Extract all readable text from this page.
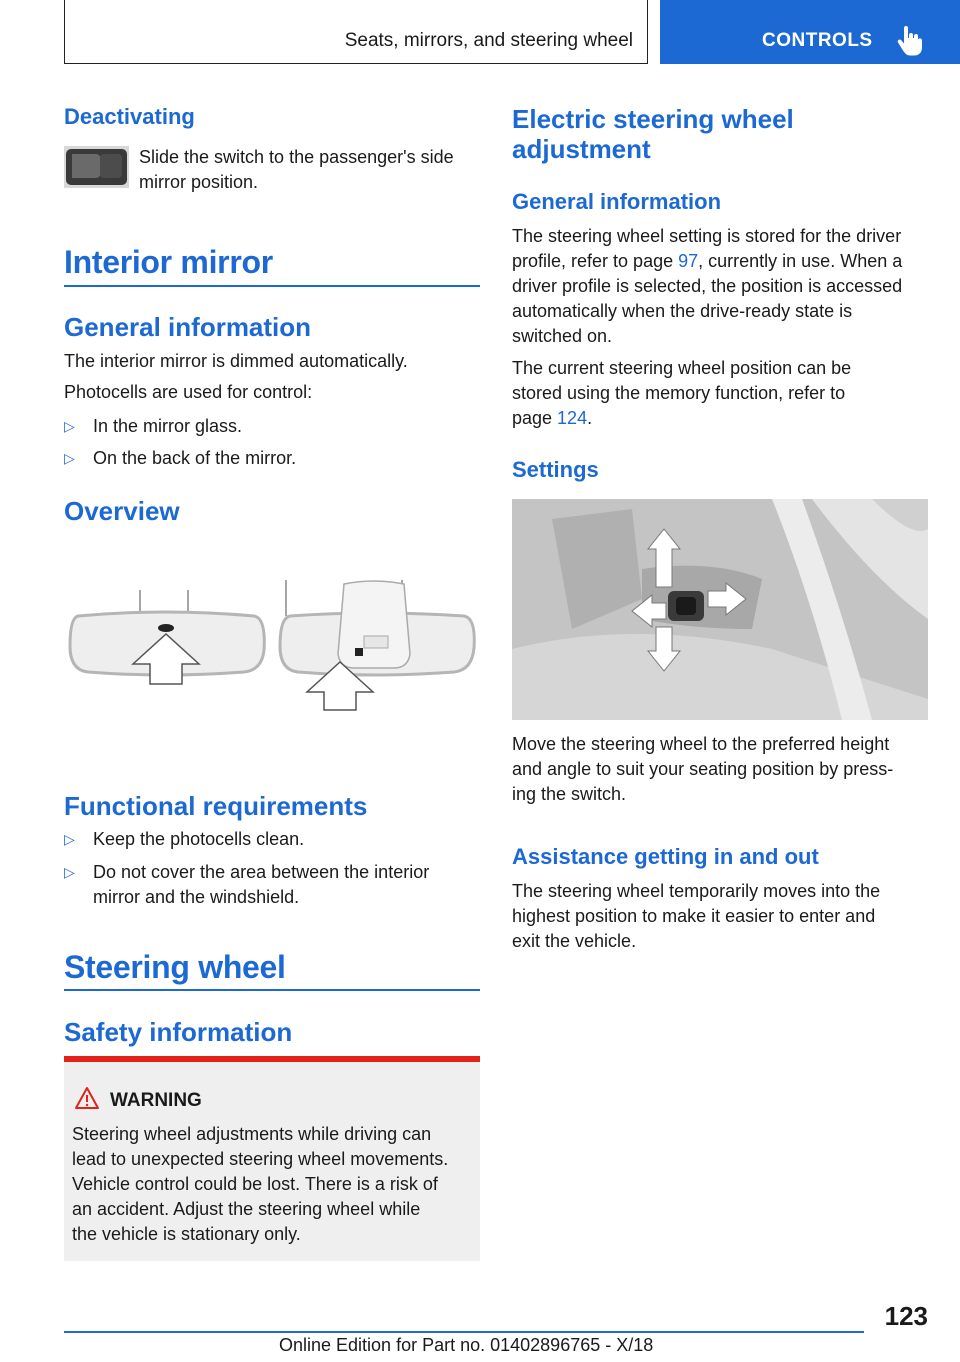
Seats, mirrors, and steering wheel	CONTROLS
Deactivating
Slide the switch to the passenger's side
mirror position.
Interior mirror
General information
The interior mirror is dimmed automatically.
Photocells are used for control:
▷ In the mirror glass.
▷ On the back of the mirror.
Overview
Functional requirements
▷ Keep the photocells clean.
▷ Do not cover the area between the interior
mirror and the windshield.
Steering wheel
Safety information
WARNING
Steering wheel adjustments while driving can
lead to unexpected steering wheel movements.
Vehicle control could be lost. There is a risk of
an accident. Adjust the steering wheel while
the vehicle is stationary only.
Electric steering wheel
adjustment
General information
The steering wheel setting is stored for the driver
profile, refer to page 97, currently in use. When a
driver profile is selected, the position is accessed
automatically when the drive-ready state is
switched on.
The current steering wheel position can be
stored using the memory function, refer to
page 124.
Settings
Move the steering wheel to the preferred height
and angle to suit your seating position by press-
ing the switch.
Assistance getting in and out
The steering wheel temporarily moves into the
highest position to make it easier to enter and
exit the vehicle.
123
Online Edition for Part no. 01402896765 - X/18
